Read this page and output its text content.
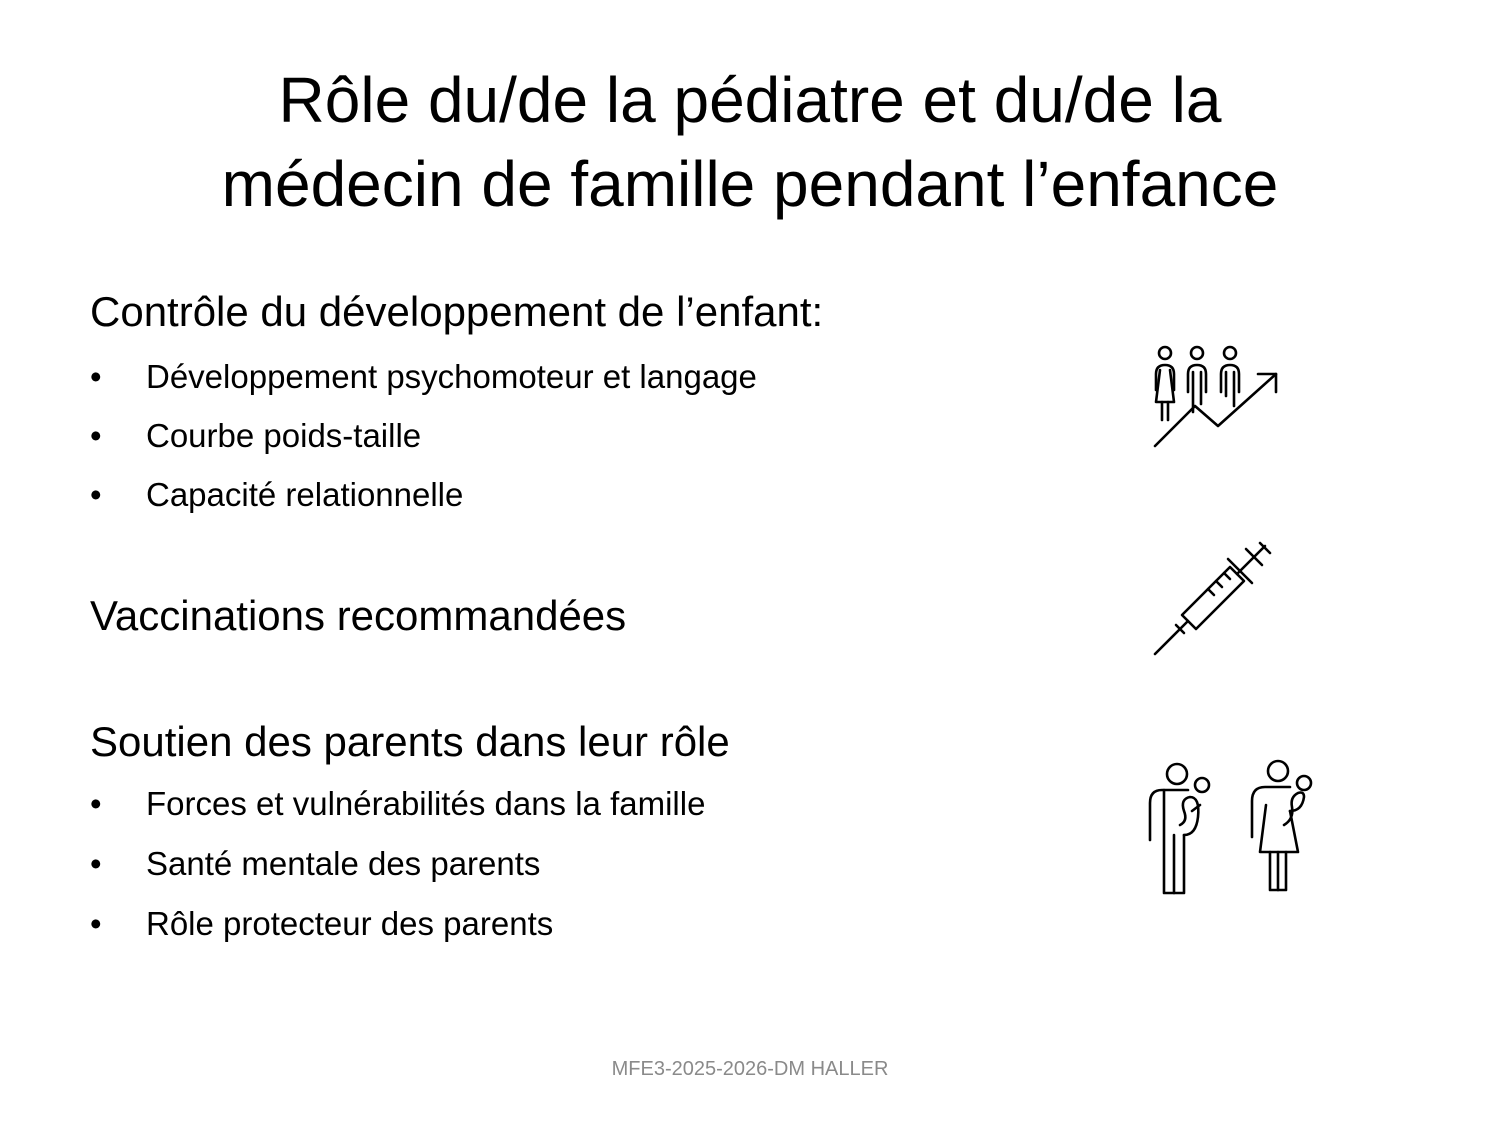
Rôle du/de la pédiatre et du/de la
médecin de famille pendant l’enfance
Contrôle du développement de l’enfant:
• Développement psychomoteur et langage
• Courbe poids-taille
• Capacité relationnelle
Vaccinations recommandées
Soutien des parents dans leur rôle
• Forces et vulnérabilités dans la famille
• Santé mentale des parents
• Rôle protecteur des parents
MFE3-2025-2026-DM HALLER
